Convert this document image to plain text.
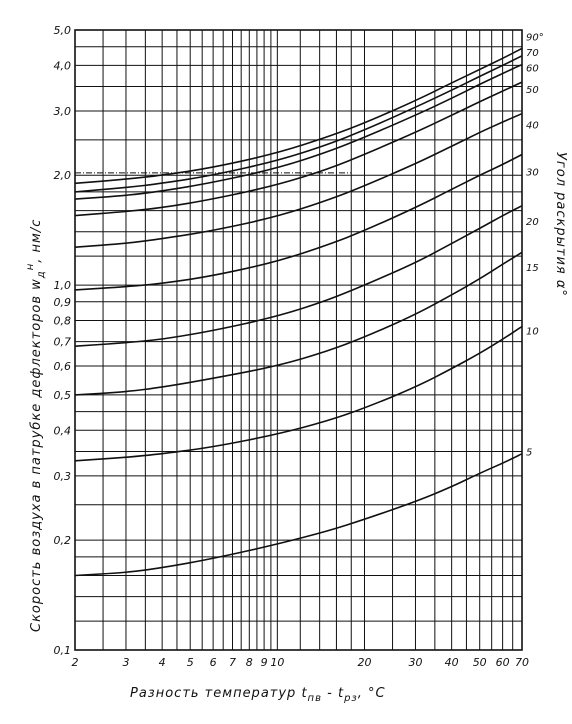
2	3	4 5 6 7 8 9 10	20	30 40 50 60 70
0,1
0,2
0,3
0,4
0,5
0,6
0,7
0,8
0,9
1,0
2,0
3,0
4,0
5,0
90°
70
60
50
40
30
20
15
10
5
Разность температур $t_{пв} - t_{рз}$, °C
Скорость воздуха в патрубке дефлекторов $w_д^н$, нм/с	Угол раскрытия α°
